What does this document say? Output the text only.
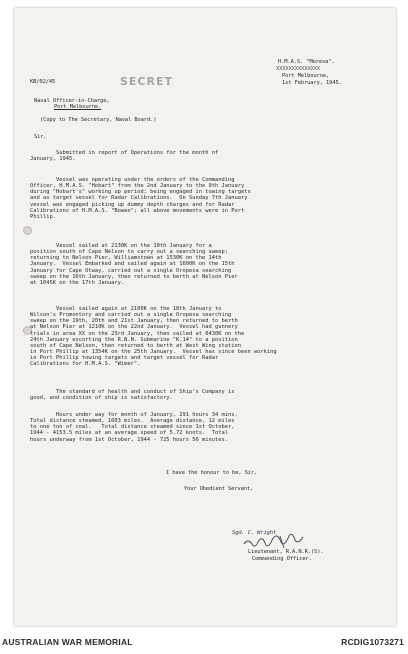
KB/02/45	SECRET
H.M.A.S. "Moresa".
XXXXXXXXXXXXXX
Port Melbourne,
1st February, 1945.
Naval Officer-in-Charge,
Port Melbourne.
(Copy to The Secretary, Naval Board.)
Sir,
Submitted in report of Operations for the month of
January, 1945.
Vessel was operating under the orders of the Commanding
Officer, H.M.A.S. "Hobart" from the 2nd January to the 9th January
during "Hobart's" working up period; being engaged in towing targets
and as target vessel for Radar Calibrations.  On Sunday 7th January
vessel was engaged picking up dummy depth charges and for Radar
Calibrations of H.M.A.S. "Bowen"; all above movements were in Port
Phillip.
Vessel sailed at 2130K on the 10th January for a
position south of Cape Nelson to carry out a searching sweep;
returning to Nelson Pier, Williamstown at 1530K on the 14th
January.  Vessel Embarked and sailed again at 1600K on the 15th
January for Cape Otway, carried out a single Oropesa searching
sweep on the 16th January, then returned to berth at Nelson Pier
at 1045K on the 17th January.
Vessel sailed again at 2100K on the 18th January to
Wilson's Promontory and carried out a single Oropesa searching
sweep on the 19th, 20th and 21st January, then returned to berth
at Nelson Pier at 1210K on the 22nd January.  Vessel had gunnery
trials in area XX on the 23rd January, then sailed at 0430K on the
24th January escorting the R.N.N. Submarine "K.14" to a position
south of Cape Nelson, then returned to berth at West Wing station
in Port Phillip at 1354K on the 25th January.  Vessel has since been working
in Port Phillip towing targets and target vessel for Radar
Calibrations for H.M.A.S. "Wimer".
The standard of health and conduct of Ship's Company is
good, and condition of ship is satisfactory.
Hours under way for month of January, 291 hours 34 mins.
Total distance steamed, 1603 miles.  Average distance, 12 miles
to one ton of coal.   Total distance steamed since 1st October,
1944 - 4153.5 miles at an average speed of 5.72 knots.  Total
hours underway from 1st October, 1944 - 725 hours 56 minutes.
I have the honour to be, Sir,
Your Obedient Servant,
Sgd. C. Wright
Lieutenant, R.A.N.R.(S).
Commanding Officer.
AUSTRALIAN WAR MEMORIAL	RCDIG1073271
